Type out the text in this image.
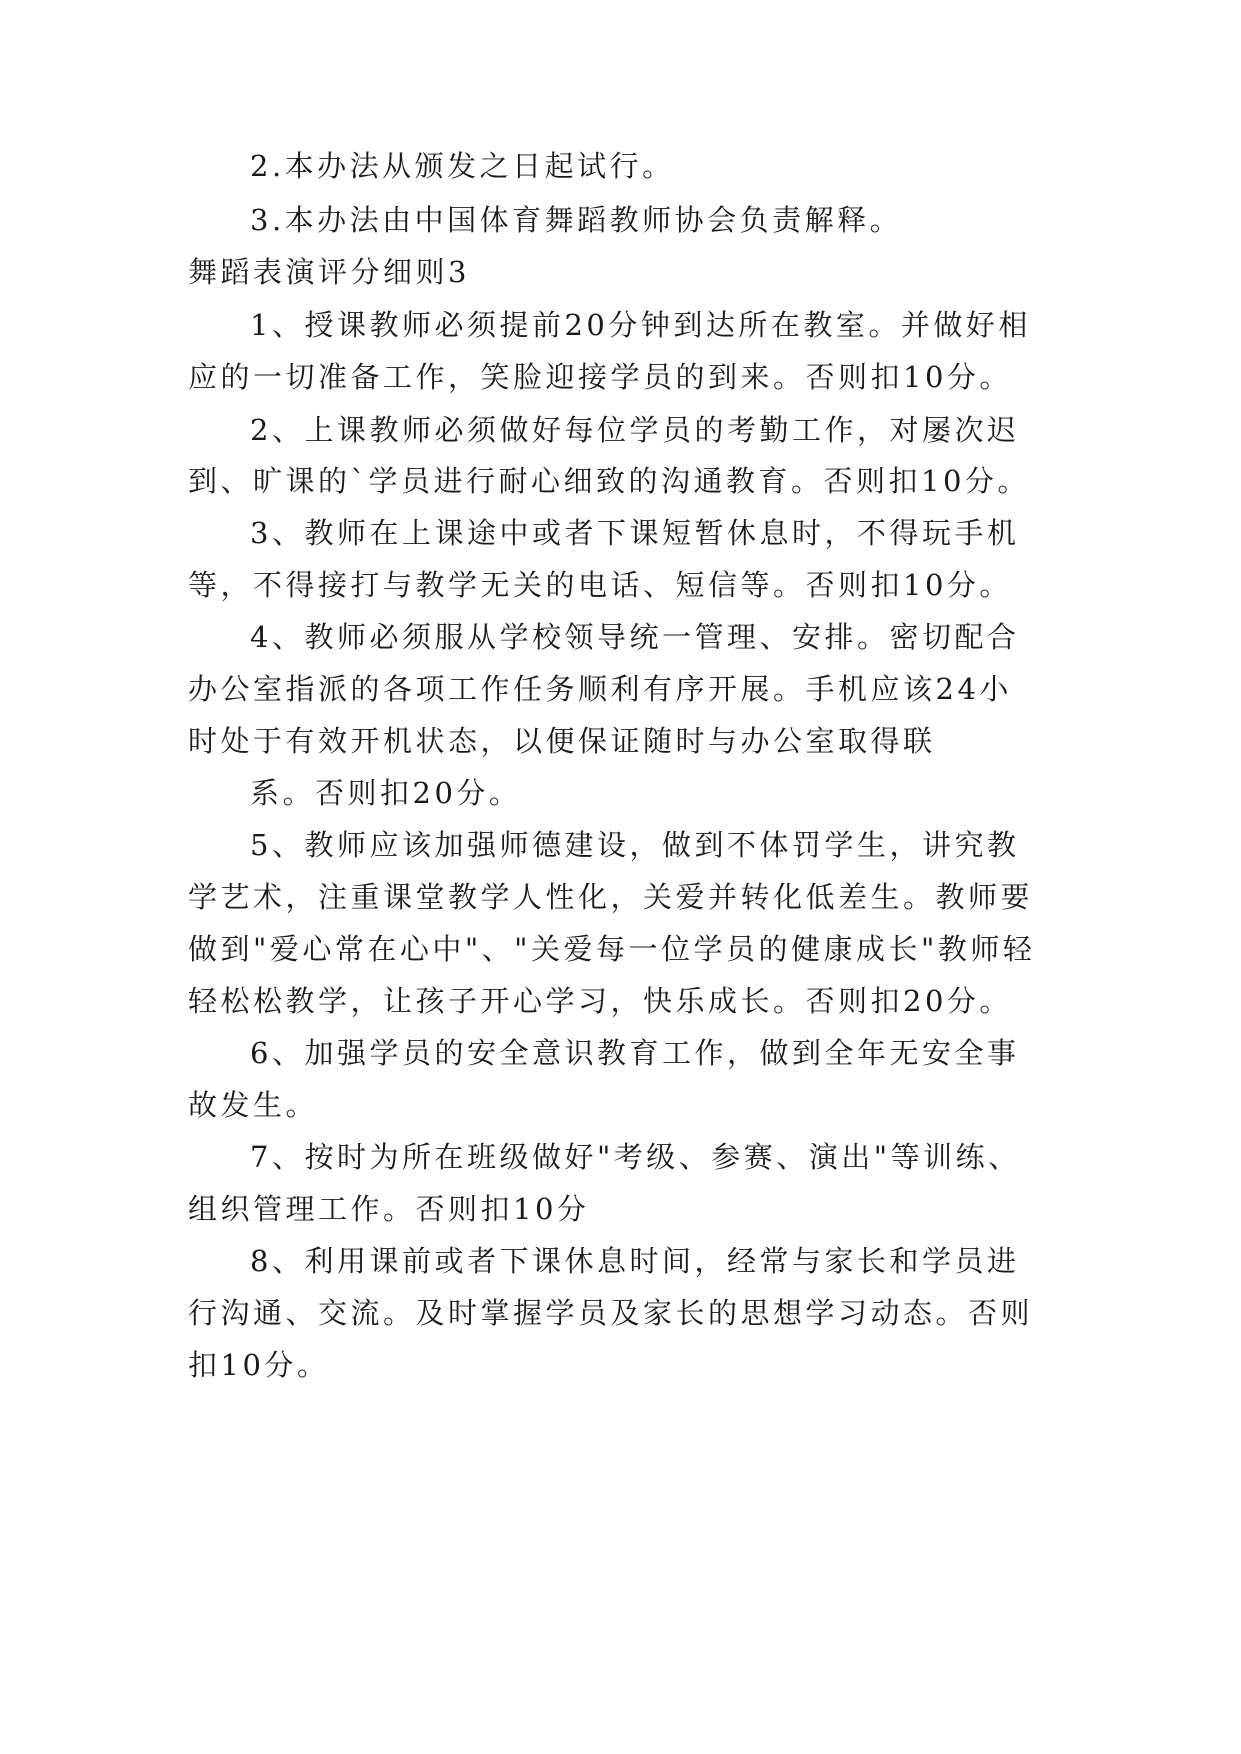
2.本办法从颁发之日起试行。
3.本办法由中国体育舞蹈教师协会负责解释。
舞蹈表演评分细则3
1、授课教师必须提前20分钟到达所在教室。并做好相
应的一切准备工作，笑脸迎接学员的到来。否则扣10分。
2、上课教师必须做好每位学员的考勤工作，对屡次迟
到、旷课的`学员进行耐心细致的沟通教育。否则扣10分。
3、教师在上课途中或者下课短暂休息时，不得玩手机
等，不得接打与教学无关的电话、短信等。否则扣10分。
4、教师必须服从学校领导统一管理、安排。密切配合
办公室指派的各项工作任务顺利有序开展。手机应该24小
时处于有效开机状态，以便保证随时与办公室取得联
系。否则扣20分。
5、教师应该加强师德建设，做到不体罚学生，讲究教
学艺术，注重课堂教学人性化，关爱并转化低差生。教师要
做到"爱心常在心中"、"关爱每一位学员的健康成长"教师轻
轻松松教学，让孩子开心学习，快乐成长。否则扣20分。
6、加强学员的安全意识教育工作，做到全年无安全事
故发生。
7、按时为所在班级做好"考级、参赛、演出"等训练、
组织管理工作。否则扣10分
8、利用课前或者下课休息时间，经常与家长和学员进
行沟通、交流。及时掌握学员及家长的思想学习动态。否则
扣10分。
